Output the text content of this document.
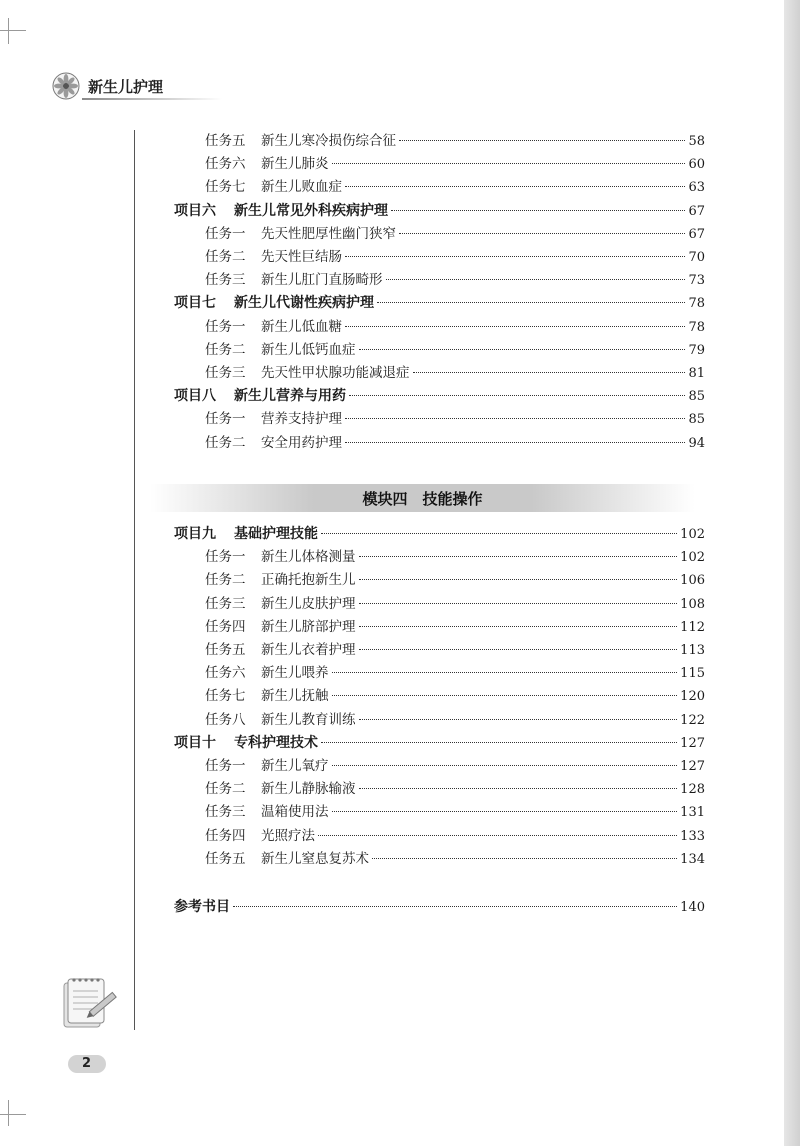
新生儿护理
任务五 新生儿寒冷损伤综合征	58
任务六 新生儿肺炎	60
任务七 新生儿败血症	63
项目六 新生儿常见外科疾病护理	67
任务一 先天性肥厚性幽门狭窄	67
任务二 先天性巨结肠	70
任务三 新生儿肛门直肠畸形	73
项目七 新生儿代谢性疾病护理	78
任务一 新生儿低血糖	78
任务二 新生儿低钙血症	79
任务三 先天性甲状腺功能减退症	81
项目八 新生儿营养与用药	85
任务一 营养支持护理	85
任务二 安全用药护理	94
模块四　技能操作
项目九 基础护理技能	102
任务一 新生儿体格测量	102
任务二 正确托抱新生儿	106
任务三 新生儿皮肤护理	108
任务四 新生儿脐部护理	112
任务五 新生儿衣着护理	113
任务六 新生儿喂养	115
任务七 新生儿抚触	120
任务八 新生儿教育训练	122
项目十 专科护理技术	127
任务一 新生儿氧疗	127
任务二 新生儿静脉输液	128
任务三 温箱使用法	131
任务四 光照疗法	133
任务五 新生儿窒息复苏术	134
参考书目	140
2
